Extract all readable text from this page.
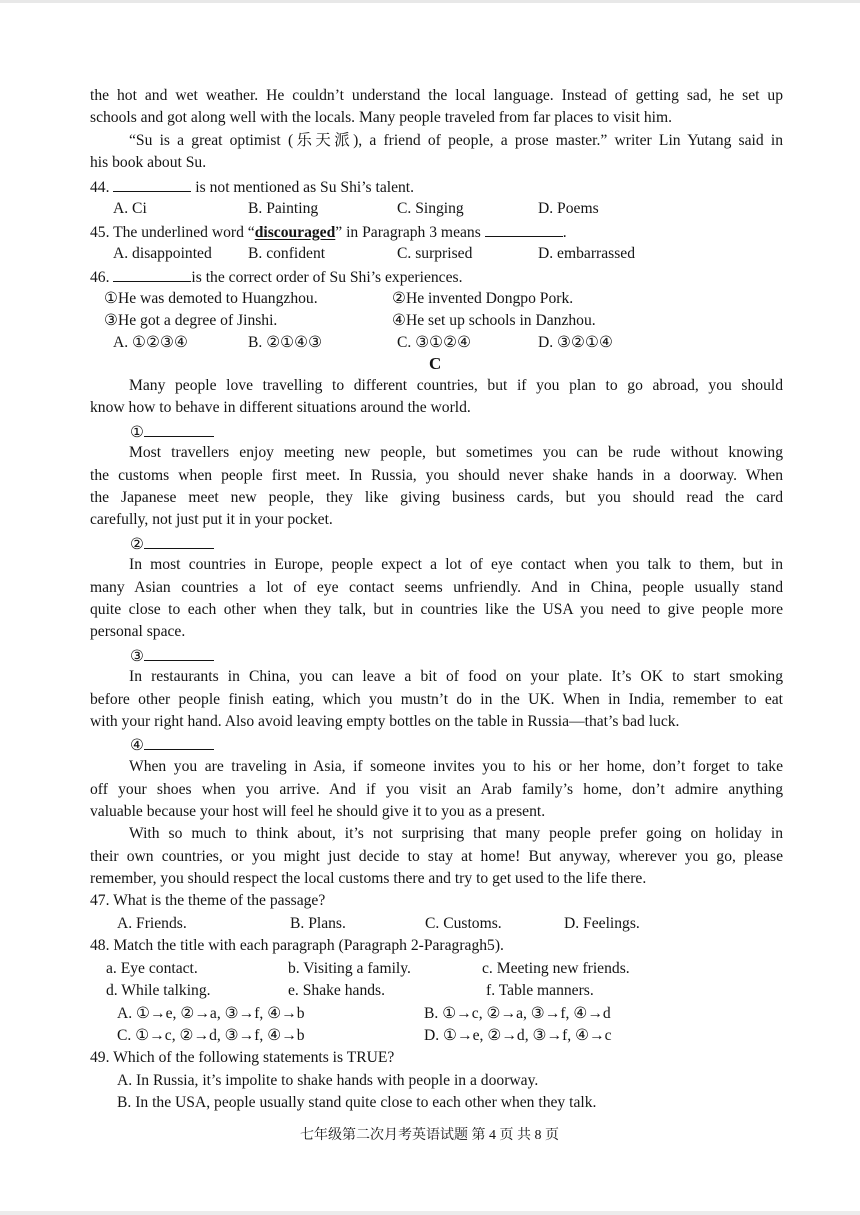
the hot and wet weather. He couldn’t understand the local language. Instead of getting sad, he set up
schools and got along well with the locals. Many people traveled from far places to visit him.
“Su is a great optimist (乐天派), a friend of people, a prose master.” writer Lin Yutang said in
his book about Su.
44.	is not mentioned as Su Shi’s talent.
A. Ci	B. Painting	C. Singing	D. Poems
45. The underlined word “discouraged” in Paragraph 3 means	.
A. disappointed B. confident	C. surprised	D. embarrassed
46.	is the correct order of Su Shi’s experiences.
①He was demoted to Huangzhou.	②He invented Dongpo Pork.
③He got a degree of Jinshi.	④He set up schools in Danzhou.
A. ①②③④	B. ②①④③	C. ③①②④	D. ③②①④
C
Many people love travelling to different countries, but if you plan to go abroad, you should
know how to behave in different situations around the world.
①
Most travellers enjoy meeting new people, but sometimes you can be rude without knowing
the customs when people first meet. In Russia, you should never shake hands in a doorway. When
the Japanese meet new people, they like giving business cards, but you should read the card
carefully, not just put it in your pocket.
②
In most countries in Europe, people expect a lot of eye contact when you talk to them, but in
many Asian countries a lot of eye contact seems unfriendly. And in China, people usually stand
quite close to each other when they talk, but in countries like the USA you need to give people more
personal space.
③
In restaurants in China, you can leave a bit of food on your plate. It’s OK to start smoking
before other people finish eating, which you mustn’t do in the UK. When in India, remember to eat
with your right hand. Also avoid leaving empty bottles on the table in Russia—that’s bad luck.
④
When you are traveling in Asia, if someone invites you to his or her home, don’t forget to take
off your shoes when you arrive. And if you visit an Arab family’s home, don’t admire anything
valuable because your host will feel he should give it to you as a present.
With so much to think about, it’s not surprising that many people prefer going on holiday in
their own countries, or you might just decide to stay at home! But anyway, wherever you go, please
remember, you should respect the local customs there and try to get used to the life there.
47. What is the theme of the passage?
A. Friends.	B. Plans.	C. Customs.	D. Feelings.
48. Match the title with each paragraph (Paragraph 2-Paragragh5).
a. Eye contact.	b. Visiting a family.	c. Meeting new friends.
d. While talking.	e. Shake hands.	f. Table manners.
A. ①→e, ②→a, ③→f, ④→b	B. ①→c, ②→a, ③→f, ④→d
C. ①→c, ②→d, ③→f, ④→b	D. ①→e, ②→d, ③→f, ④→c
49. Which of the following statements is TRUE?
A. In Russia, it’s impolite to shake hands with people in a doorway.
B. In the USA, people usually stand quite close to each other when they talk.
七年级第二次月考英语试题 第 4 页 共 8 页
